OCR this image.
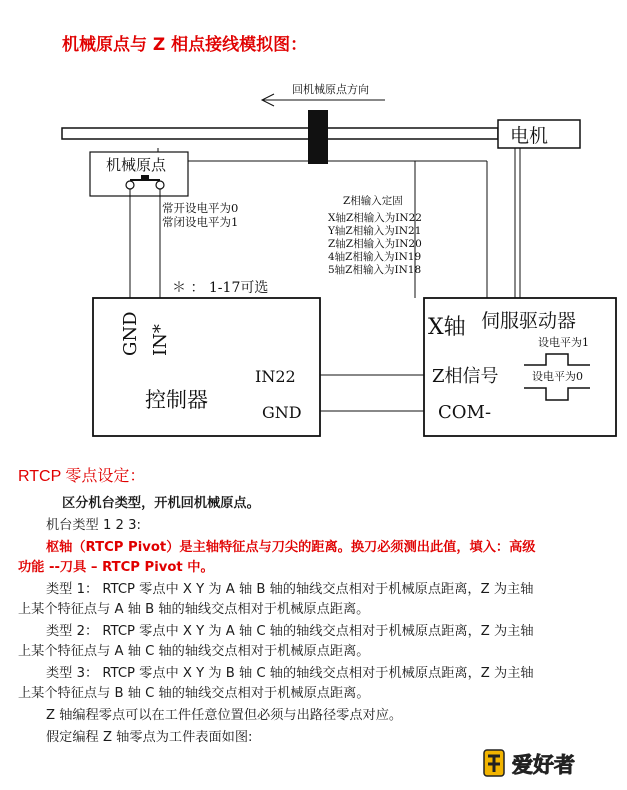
机械原点与 Z 相点接线模拟图：
回机械原点方向
电机
机械原点
常开设电平为0
常闭设电平为1
Z相输入定固
X轴Z相输入为IN22
Y轴Z相输入为IN21
Z轴Z相输入为IN20
4轴Z相输入为IN19
5轴Z相输入为IN18
＊ ： 1-17可选
GND IN*
控制器
IN22
GND
X轴 伺服驱动器
Z相信号
COM-
设电平为1
设电平为0
RTCP 零点设定：
区分机台类型，开机回机械原点。
机台类型 1 2 3:
枢轴（RTCP Pivot）是主轴特征点与刀尖的距离。换刀必须测出此值，填入：高级
功能 --刀具 – RTCP Pivot 中。
类型 1： RTCP 零点中 X Y 为 A 轴 B 轴的轴线交点相对于机械原点距离，Z 为主轴
上某个特征点与 A 轴 B 轴的轴线交点相对于机械原点距离。
类型 2： RTCP 零点中 X Y 为 A 轴 C 轴的轴线交点相对于机械原点距离，Z 为主轴
上某个特征点与 A 轴 C 轴的轴线交点相对于机械原点距离。
类型 3： RTCP 零点中 X Y 为 B 轴 C 轴的轴线交点相对于机械原点距离，Z 为主轴
上某个特征点与 B 轴 C 轴的轴线交点相对于机械原点距离。
Z 轴编程零点可以在工件任意位置但必须与出路径零点对应。
假定编程 Z 轴零点为工件表面如图:
爱好者
